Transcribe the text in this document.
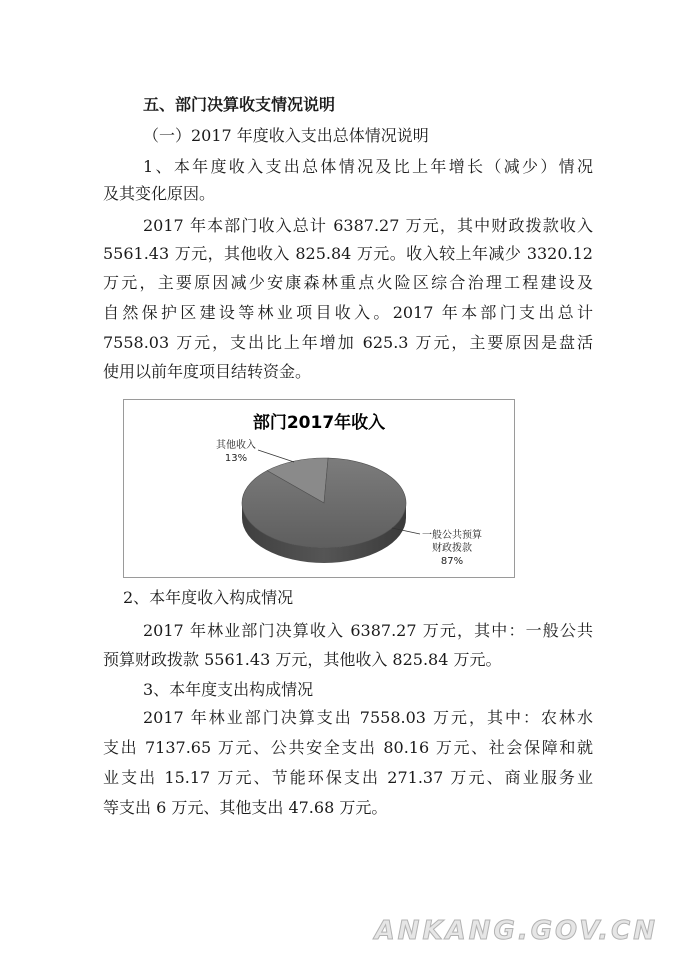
五、部门决算收支情况说明
（一）2017 年度收入支出总体情况说明
1、本年度收入支出总体情况及比上年增长（减少）情况
及其变化原因。
2017 年本部门收入总计 6387.27 万元，其中财政拨款收入
5561.43 万元，其他收入 825.84 万元。收入较上年减少 3320.12
万元，主要原因减少安康森林重点火险区综合治理工程建设及
自然保护区建设等林业项目收入。2017 年本部门支出总计
7558.03 万元，支出比上年增加 625.3 万元，主要原因是盘活
使用以前年度项目结转资金。
部门2017年收入
其他收入
13%
一般公共预算
财政拨款
87%
2、本年度收入构成情况
2017 年林业部门决算收入 6387.27 万元，其中：一般公共
预算财政拨款 5561.43 万元，其他收入 825.84 万元。
3、本年度支出构成情况
2017 年林业部门决算支出 7558.03 万元，其中：农林水
支出 7137.65 万元、公共安全支出 80.16 万元、社会保障和就
业支出 15.17 万元、节能环保支出 271.37 万元、商业服务业
等支出 6 万元、其他支出 47.68 万元。
ANKANG.GOV.CN
